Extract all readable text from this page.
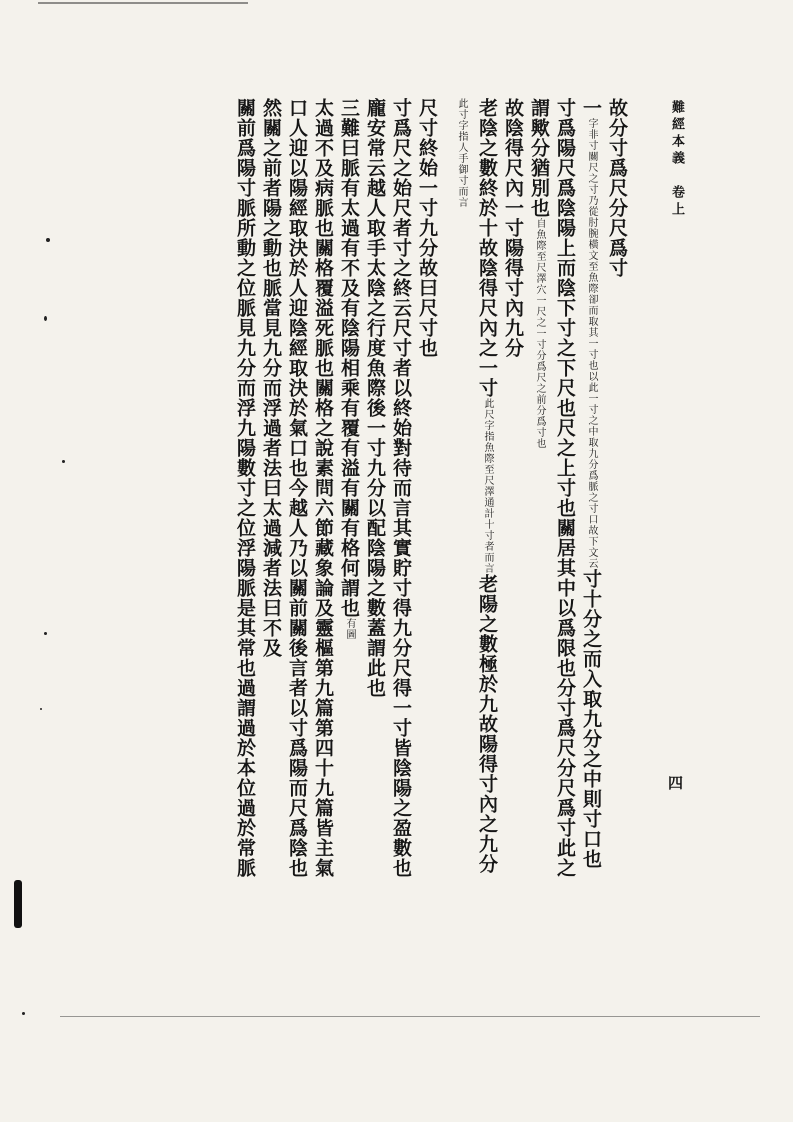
難經本義　卷上
四
故分寸爲尺分尺爲寸
一字非寸關尺之寸乃從肘腕橫文至魚際卻而取其一寸也以此一寸之中取九分爲脈之寸口故下文云寸十分之而入取九分之中則寸口也
寸爲陽尺爲陰陽上而陰下寸之下尺也尺之上寸也關居其中以爲限也分寸爲尺分尺爲寸此之
謂歟分猶別也自魚際至尺澤穴一尺之一寸分爲尺之前分爲寸也
故陰得尺內一寸陽得寸內九分
老陰之數終於十故陰得尺內之一寸此尺字指魚際至尺澤通計十寸者而言老陽之數極於九故陽得寸內之九分此寸字指人手御寸而言
尺寸終始一寸九分故曰尺寸也
寸爲尺之始尺者寸之終云尺寸者以終始對待而言其實貯寸得九分尺得一寸皆陰陽之盈數也
龐安常云越人取手太陰之行度魚際後一寸九分以配陰陽之數蓋謂此也
三難曰脈有太過有不及有陰陽相乘有覆有溢有關有格何謂也有圖
太過不及病脈也關格覆溢死脈也關格之說素問六節藏象論及靈樞第九篇第四十九篇皆主氣
口人迎以陽經取決於人迎陰經取決於氣口也今越人乃以關前關後言者以寸爲陽而尺爲陰也
然關之前者陽之動也脈當見九分而浮過者法曰太過減者法曰不及
關前爲陽寸脈所動之位脈見九分而浮九陽數寸之位浮陽脈是其常也過謂過於本位過於常脈
